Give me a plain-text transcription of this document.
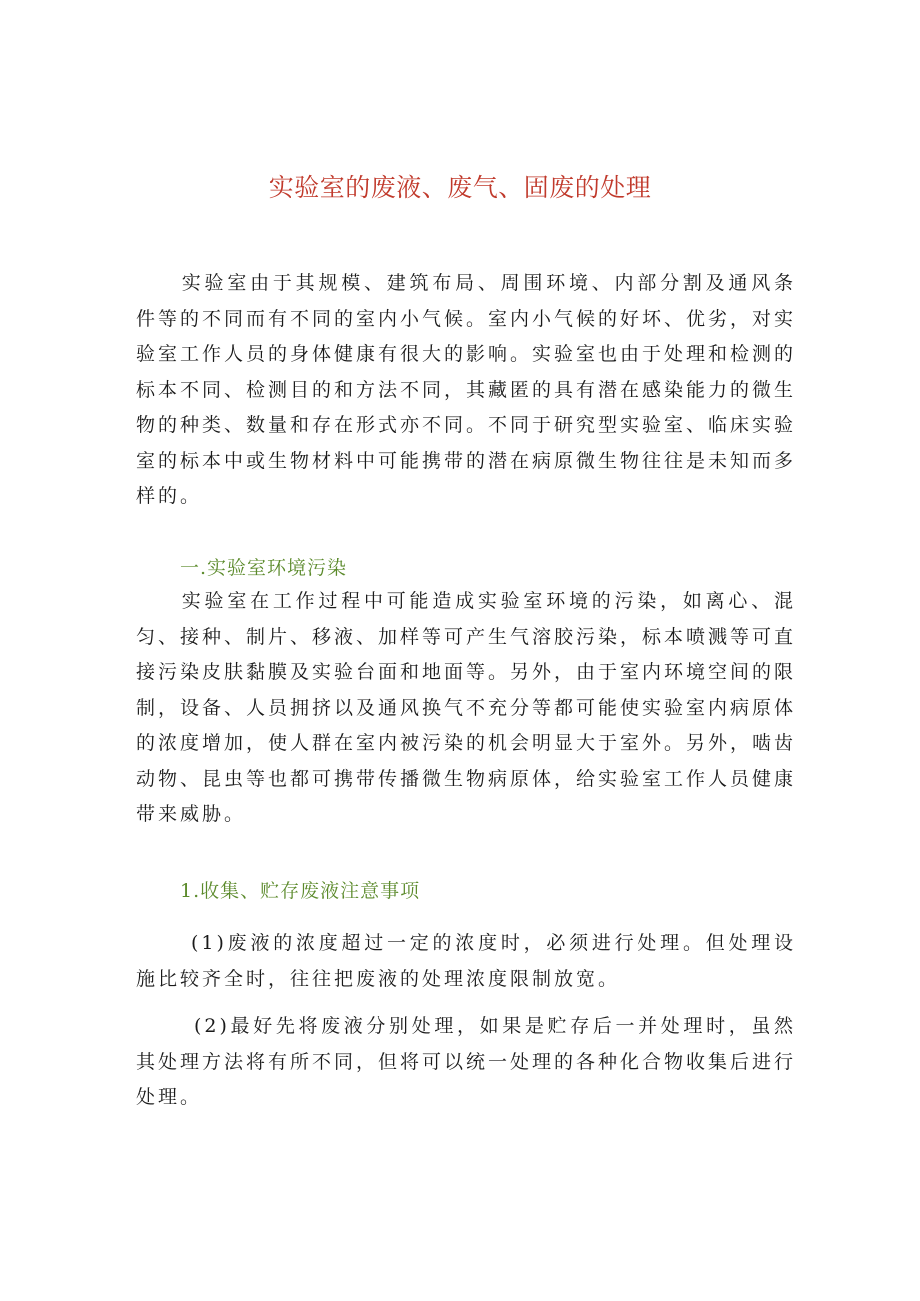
实验室的废液、废气、固废的处理

实验室由于其规模、建筑布局、周围环境、内部分割及通风条件等的不同而有不同的室内小气候。室内小气候的好坏、优劣，对实验室工作人员的身体健康有很大的影响。实验室也由于处理和检测的标本不同、检测目的和方法不同，其藏匿的具有潜在感染能力的微生物的种类、数量和存在形式亦不同。不同于研究型实验室、临床实验室的标本中或生物材料中可能携带的潜在病原微生物往往是未知而多样的。

一.实验室环境污染

实验室在工作过程中可能造成实验室环境的污染，如离心、混匀、接种、制片、移液、加样等可产生气溶胶污染，标本喷溅等可直接污染皮肤黏膜及实验台面和地面等。另外，由于室内环境空间的限制，设备、人员拥挤以及通风换气不充分等都可能使实验室内病原体的浓度增加，使人群在室内被污染的机会明显大于室外。另外，啮齿动物、昆虫等也都可携带传播微生物病原体，给实验室工作人员健康带来威胁。

1.收集、贮存废液注意事项

(1)废液的浓度超过一定的浓度时，必须进行处理。但处理设施比较齐全时，往往把废液的处理浓度限制放宽。

(2)最好先将废液分别处理，如果是贮存后一并处理时，虽然其处理方法将有所不同，但将可以统一处理的各种化合物收集后进行处理。
